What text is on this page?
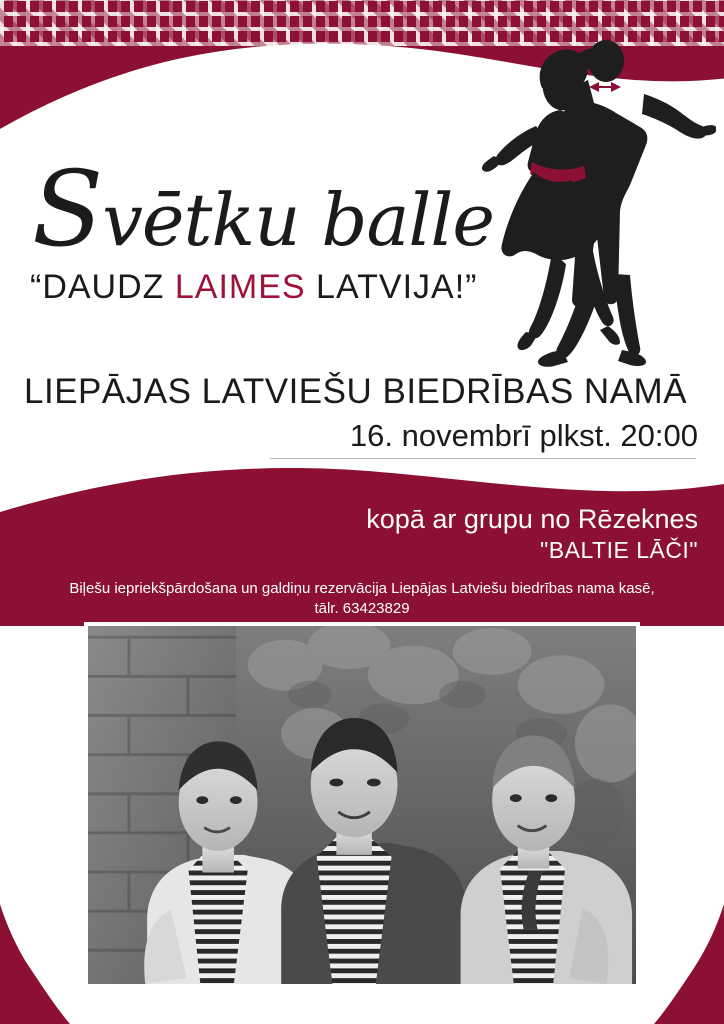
Svētku balle
“DAUDZ LAIMES LATVIJA!”
LIEPĀJAS LATVIEŠU BIEDRĪBAS NAMĀ
16. novembrī plkst. 20:00
kopā ar grupu no Rēzeknes
"BALTIE LĀČI"
Biļešu iepriekšpārdošana un galdiņu rezervācija Liepājas Latviešu biedrības nama kasē,
tālr. 63423829
